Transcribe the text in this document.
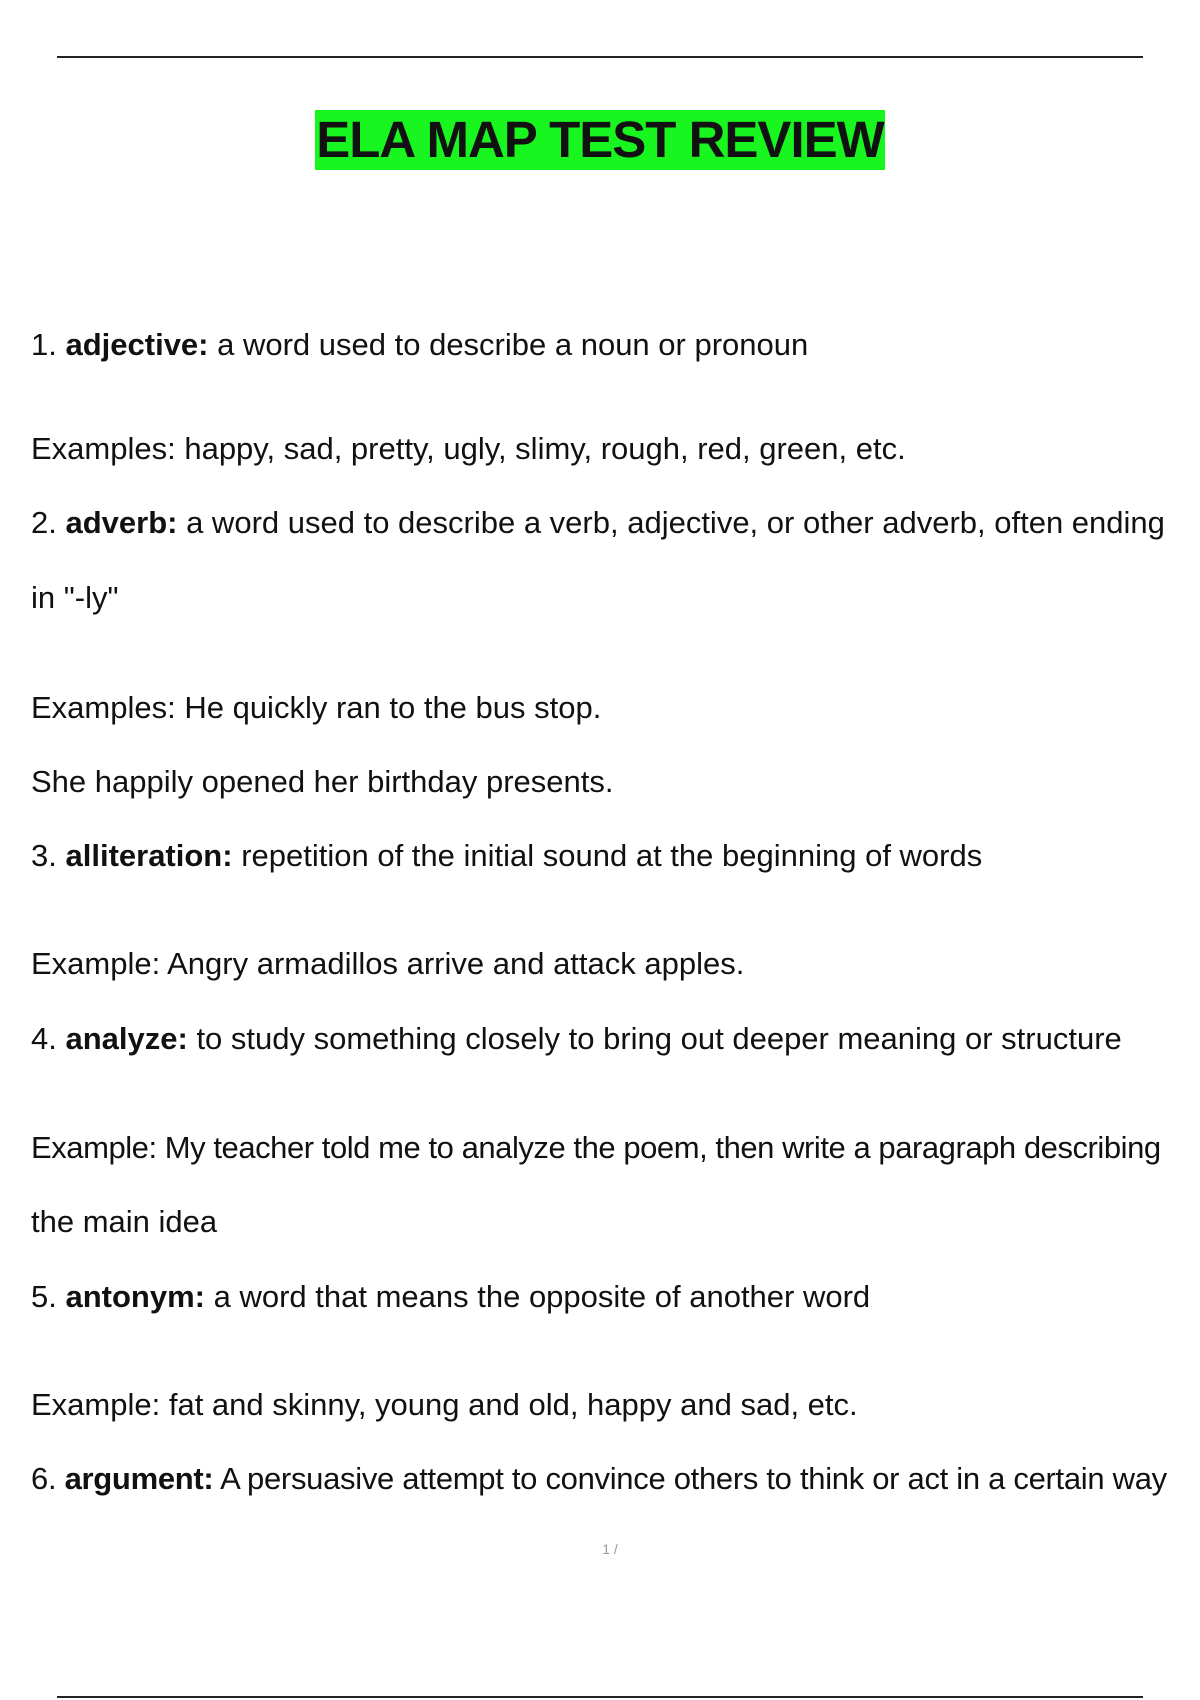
ELA MAP TEST REVIEW
1. adjective: a word used to describe a noun or pronoun
Examples: happy, sad, pretty, ugly, slimy, rough, red, green, etc.
2. adverb: a word used to describe a verb, adjective, or other adverb, often ending
in "-ly"
Examples: He quickly ran to the bus stop.
She happily opened her birthday presents.
3. alliteration: repetition of the initial sound at the beginning of words
Example: Angry armadillos arrive and attack apples.
4. analyze: to study something closely to bring out deeper meaning or structure
Example: My teacher told me to analyze the poem, then write a paragraph describing
the main idea
5. antonym: a word that means the opposite of another word
Example: fat and skinny, young and old, happy and sad, etc.
6. argument: A persuasive attempt to convince others to think or act in a certain way
1 /
